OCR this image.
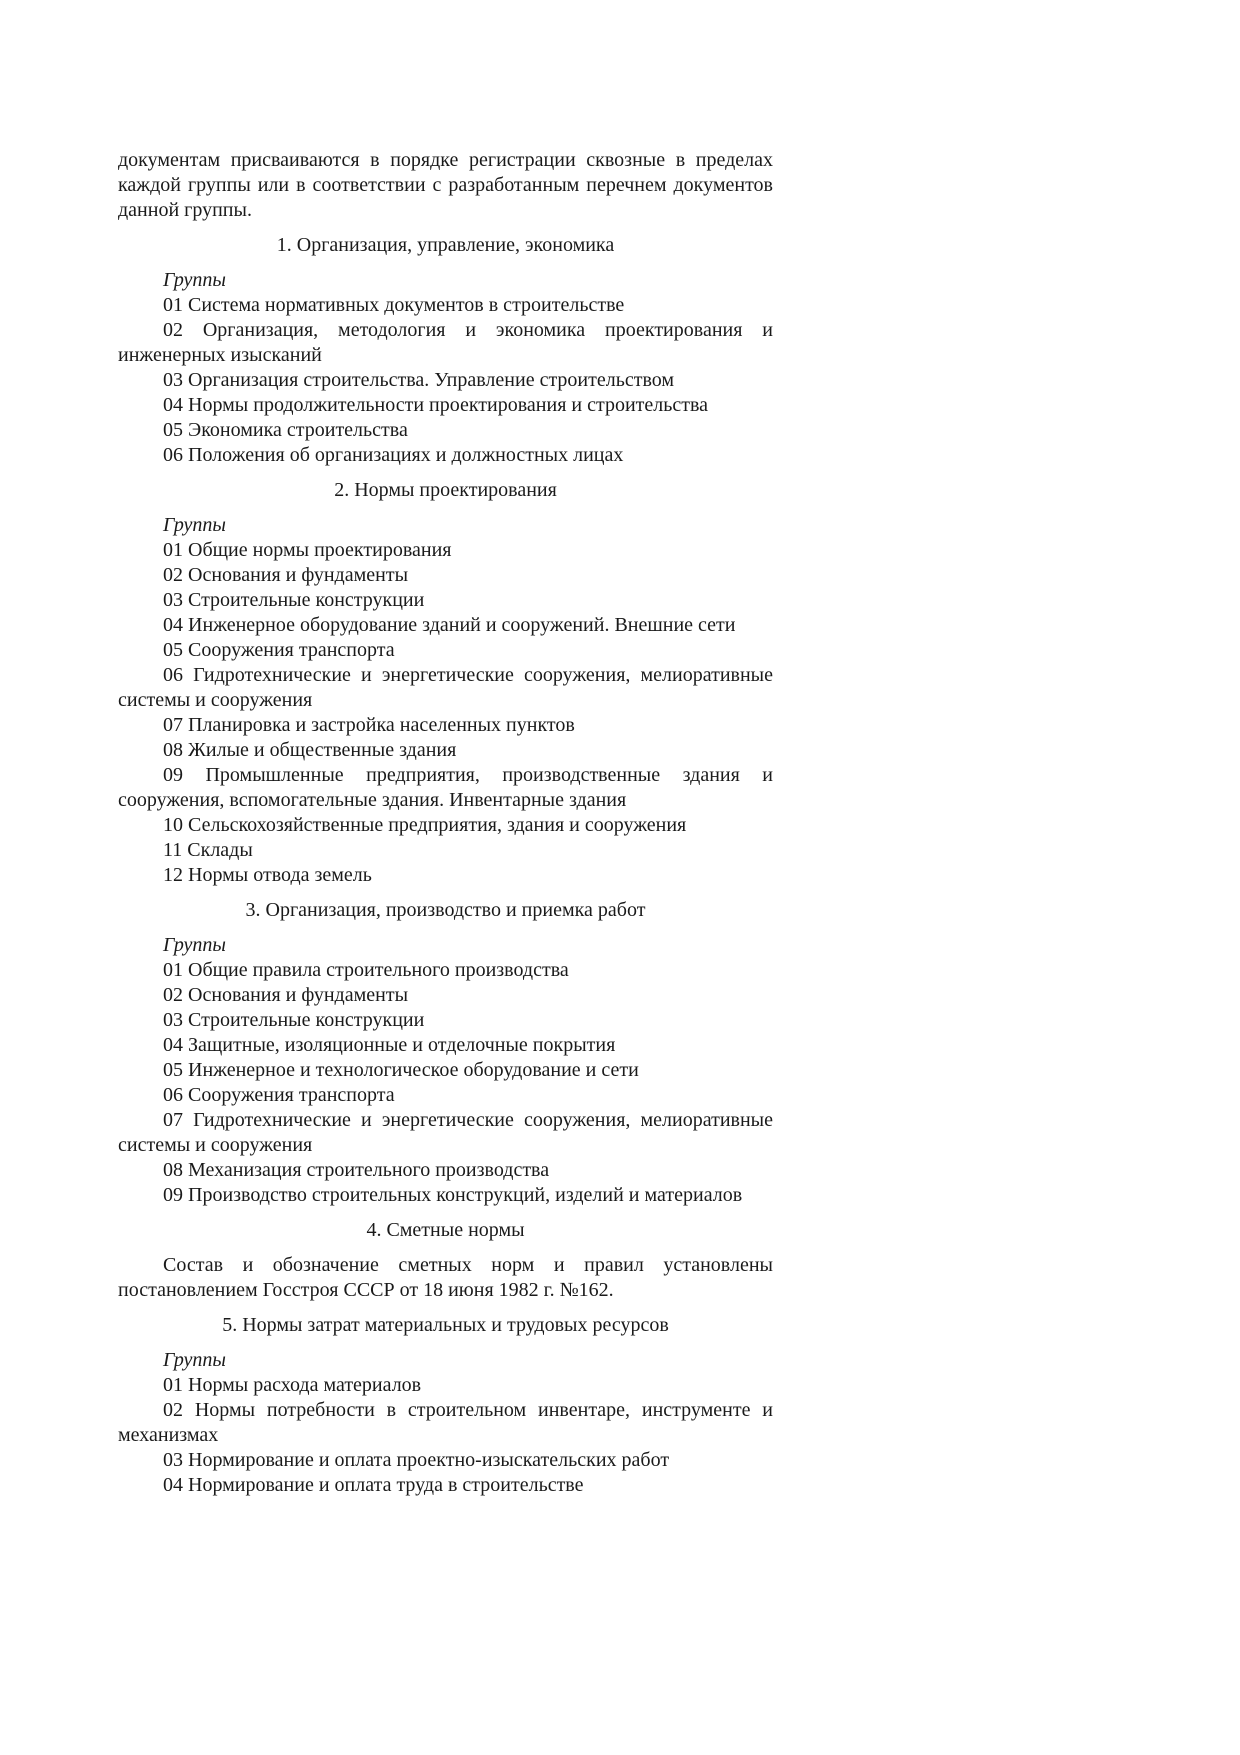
документам присваиваются в порядке регистрации сквозные в пределах каждой группы или в соответствии с разработанным перечнем документов данной группы.

1. Организация, управление, экономика

Группы

01 Система нормативных документов в строительстве

02 Организация, методология и экономика проектирования и инженерных изысканий

03 Организация строительства. Управление строительством

04 Нормы продолжительности проектирования и строительства

05 Экономика строительства

06 Положения об организациях и должностных лицах

2. Нормы проектирования

Группы

01 Общие нормы проектирования

02 Основания и фундаменты

03 Строительные конструкции

04 Инженерное оборудование зданий и сооружений. Внешние сети

05 Сооружения транспорта

06 Гидротехнические и энергетические сооружения, мелиоративные системы и сооружения

07 Планировка и застройка населенных пунктов

08 Жилые и общественные здания

09 Промышленные предприятия, производственные здания и сооружения, вспомогательные здания. Инвентарные здания

10 Сельскохозяйственные предприятия, здания и сооружения

11 Склады

12 Нормы отвода земель

3. Организация, производство и приемка работ

Группы

01 Общие правила строительного производства

02 Основания и фундаменты

03 Строительные конструкции

04 Защитные, изоляционные и отделочные покрытия

05 Инженерное и технологическое оборудование и сети

06 Сооружения транспорта

07 Гидротехнические и энергетические сооружения, мелиоративные системы и сооружения

08 Механизация строительного производства

09 Производство строительных конструкций, изделий и материалов

4. Сметные нормы

Состав и обозначение сметных норм и правил установлены постановлением Госстроя СССР от 18 июня 1982 г. №162.

5. Нормы затрат материальных и трудовых ресурсов

Группы

01 Нормы расхода материалов

02 Нормы потребности в строительном инвентаре, инструменте и механизмах

03 Нормирование и оплата проектно-изыскательских работ

04 Нормирование и оплата труда в строительстве
